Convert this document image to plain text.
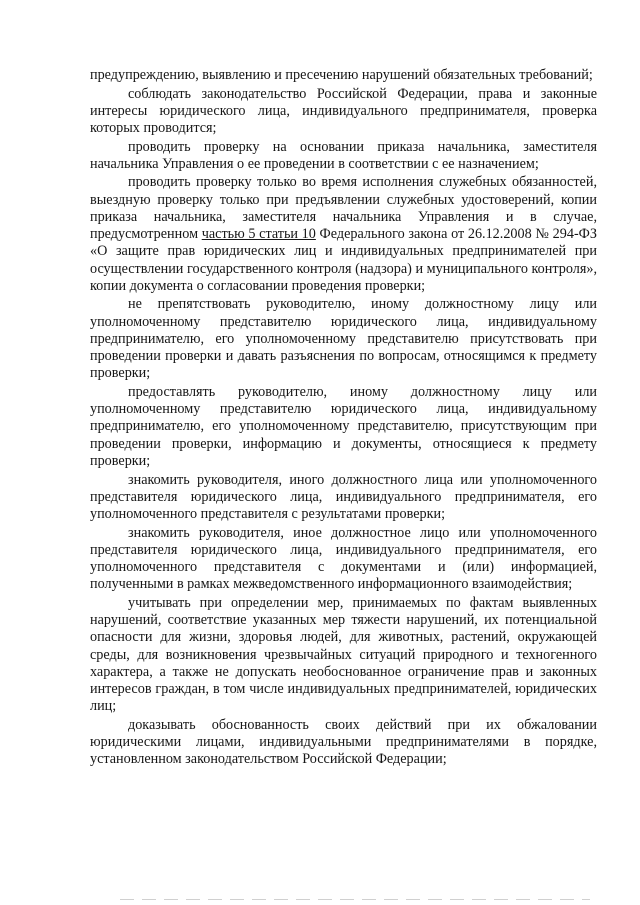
предупреждению, выявлению и пресечению нарушений обязательных требований;

соблюдать законодательство Российской Федерации, права и законные интересы юридического лица, индивидуального предпринимателя, проверка которых проводится;

проводить проверку на основании приказа начальника, заместителя начальника Управления о ее проведении в соответствии с ее назначением;

проводить проверку только во время исполнения служебных обязанностей, выездную проверку только при предъявлении служебных удостоверений, копии приказа начальника, заместителя начальника Управления и в случае, предусмотренном частью 5 статьи 10 Федерального закона от 26.12.2008 № 294-ФЗ «О защите прав юридических лиц и индивидуальных предпринимателей при осуществлении государственного контроля (надзора) и муниципального контроля», копии документа о согласовании проведения проверки;

не препятствовать руководителю, иному должностному лицу или уполномоченному представителю юридического лица, индивидуальному предпринимателю, его уполномоченному представителю присутствовать при проведении проверки и давать разъяснения по вопросам, относящимся к предмету проверки;

предоставлять руководителю, иному должностному лицу или уполномоченному представителю юридического лица, индивидуальному предпринимателю, его уполномоченному представителю, присутствующим при проведении проверки, информацию и документы, относящиеся к предмету проверки;

знакомить руководителя, иного должностного лица или уполномоченного представителя юридического лица, индивидуального предпринимателя, его уполномоченного представителя с результатами проверки;

знакомить руководителя, иное должностное лицо или уполномоченного представителя юридического лица, индивидуального предпринимателя, его уполномоченного представителя с документами и (или) информацией, полученными в рамках межведомственного информационного взаимодействия;

учитывать при определении мер, принимаемых по фактам выявленных нарушений, соответствие указанных мер тяжести нарушений, их потенциальной опасности для жизни, здоровья людей, для животных, растений, окружающей среды, для возникновения чрезвычайных ситуаций природного и техногенного характера, а также не допускать необоснованное ограничение прав и законных интересов граждан, в том числе индивидуальных предпринимателей, юридических лиц;

доказывать обоснованность своих действий при их обжаловании юридическими лицами, индивидуальными предпринимателями в порядке, установленном законодательством Российской Федерации;
